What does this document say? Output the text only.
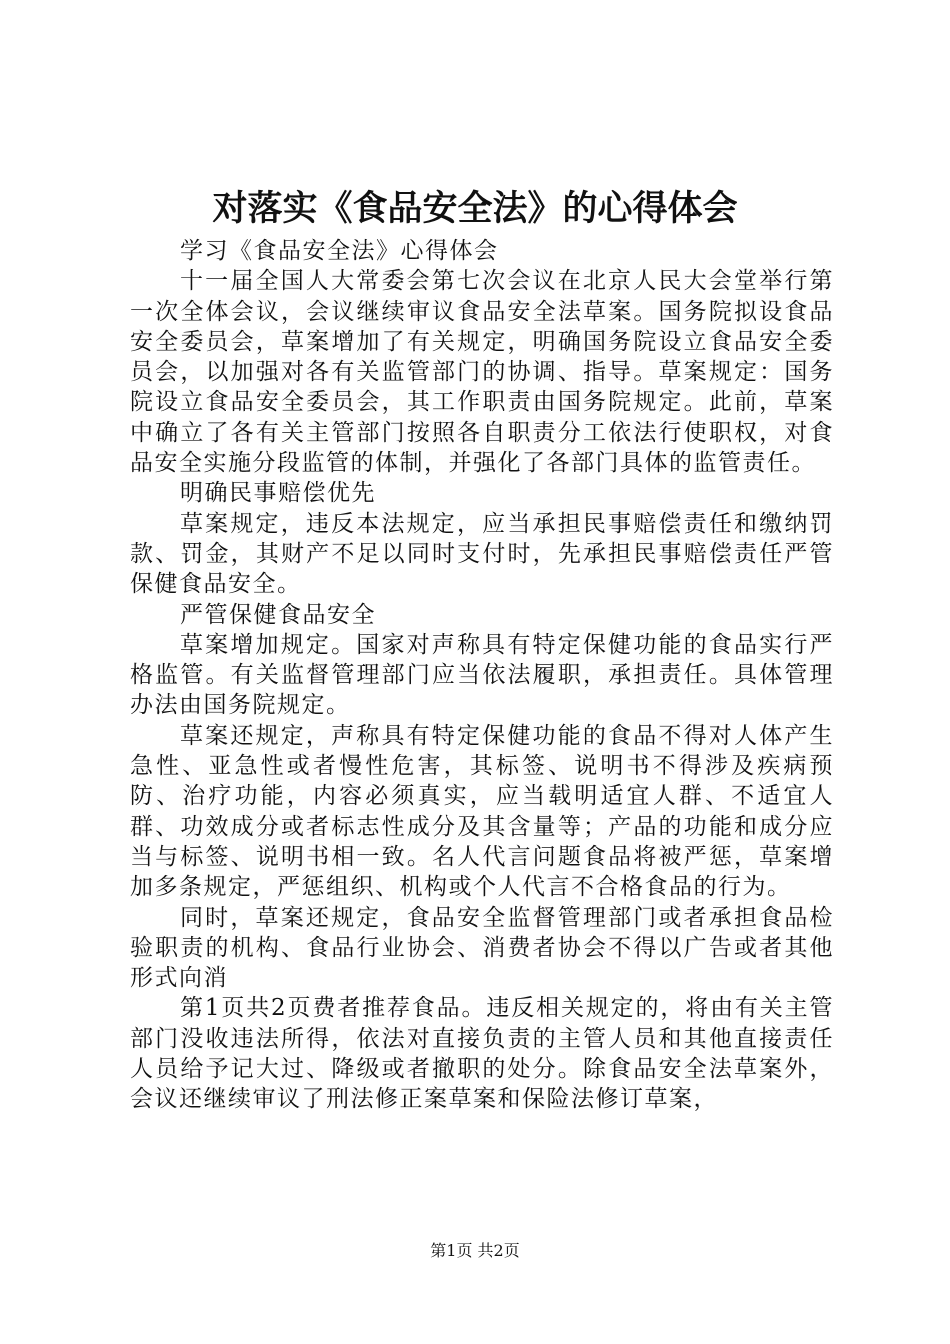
对落实《食品安全法》的心得体会

学习《食品安全法》心得体会

十一届全国人大常委会第七次会议在北京人民大会堂举行第一次全体会议，会议继续审议食品安全法草案。国务院拟设食品安全委员会，草案增加了有关规定，明确国务院设立食品安全委员会，以加强对各有关监管部门的协调、指导。草案规定：国务院设立食品安全委员会，其工作职责由国务院规定。此前，草案中确立了各有关主管部门按照各自职责分工依法行使职权，对食品安全实施分段监管的体制，并强化了各部门具体的监管责任。

明确民事赔偿优先

草案规定，违反本法规定，应当承担民事赔偿责任和缴纳罚款、罚金，其财产不足以同时支付时，先承担民事赔偿责任严管保健食品安全。

严管保健食品安全

草案增加规定。国家对声称具有特定保健功能的食品实行严格监管。有关监督管理部门应当依法履职，承担责任。具体管理办法由国务院规定。

草案还规定，声称具有特定保健功能的食品不得对人体产生急性、亚急性或者慢性危害，其标签、说明书不得涉及疾病预防、治疗功能，内容必须真实，应当载明适宜人群、不适宜人群、功效成分或者标志性成分及其含量等；产品的功能和成分应当与标签、说明书相一致。名人代言问题食品将被严惩，草案增加多条规定，严惩组织、机构或个人代言不合格食品的行为。

同时，草案还规定，食品安全监督管理部门或者承担食品检验职责的机构、食品行业协会、消费者协会不得以广告或者其他形式向消

第1页共2页费者推荐食品。违反相关规定的，将由有关主管部门没收违法所得，依法对直接负责的主管人员和其他直接责任人员给予记大过、降级或者撤职的处分。除食品安全法草案外，会议还继续审议了刑法修正案草案和保险法修订草案，

第1页 共2页
